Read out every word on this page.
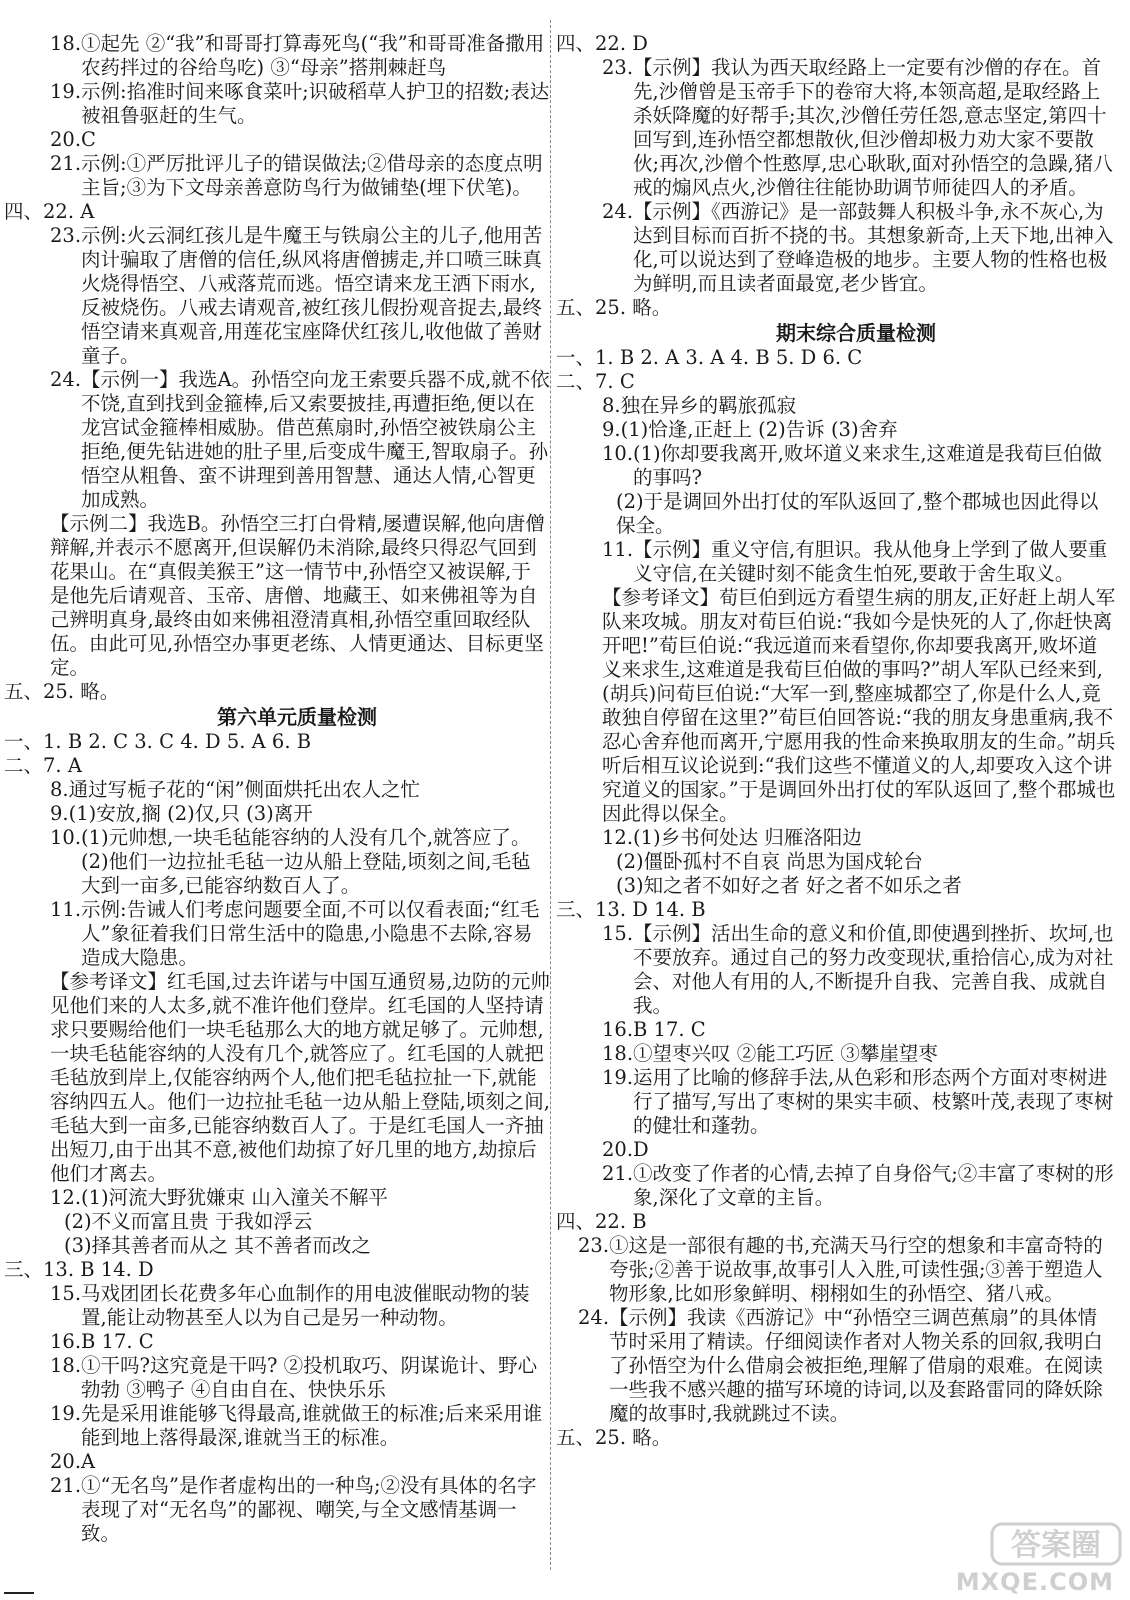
18. ①起先 ②“我”和哥哥打算毒死鸟(“我”和哥哥准备撒用农药拌过的谷给鸟吃) ③“母亲”搭荆棘赶鸟
19. 示例:掐准时间来啄食菜叶;识破稻草人护卫的招数;表达被祖鲁驱赶的生气。
20. C
21. 示例:①严厉批评儿子的错误做法;②借母亲的态度点明主旨;③为下文母亲善意防鸟行为做铺垫(埋下伏笔)。
四、 22. A
23. 示例:火云洞红孩儿是牛魔王与铁扇公主的儿子,他用苦肉计骗取了唐僧的信任,纵风将唐僧掳走,并口喷三昧真火烧得悟空、八戒落荒而逃。悟空请来龙王洒下雨水,反被烧伤。八戒去请观音,被红孩儿假扮观音捉去,最终悟空请来真观音,用莲花宝座降伏红孩儿,收他做了善财童子。
24. 【示例一】我选A。孙悟空向龙王索要兵器不成,就不依不饶,直到找到金箍棒,后又索要披挂,再遭拒绝,便以在龙宫试金箍棒相威胁。借芭蕉扇时,孙悟空被铁扇公主拒绝,便先钻进她的肚子里,后变成牛魔王,智取扇子。孙悟空从粗鲁、蛮不讲理到善用智慧、通达人情,心智更加成熟。
【示例二】我选B。孙悟空三打白骨精,屡遭误解,他向唐僧辩解,并表示不愿离开,但误解仍未消除,最终只得忍气回到花果山。在“真假美猴王”这一情节中,孙悟空又被误解,于是他先后请观音、玉帝、唐僧、地藏王、如来佛祖等为自己辨明真身,最终由如来佛祖澄清真相,孙悟空重回取经队伍。由此可见,孙悟空办事更老练、人情更通达、目标更坚定。
五、 25. 略。
第六单元质量检测
一、 1. B 2. C 3. C 4. D 5. A 6. B
二、 7. A
8. 通过写栀子花的“闲”侧面烘托出农人之忙
9. (1)安放,搁 (2)仅,只 (3)离开
10. (1)元帅想,一块毛毡能容纳的人没有几个,就答应了。(2)他们一边拉扯毛毡一边从船上登陆,顷刻之间,毛毡大到一亩多,已能容纳数百人了。
11. 示例:告诫人们考虑问题要全面,不可以仅看表面;“红毛人”象征着我们日常生活中的隐患,小隐患不去除,容易造成大隐患。
【参考译文】红毛国,过去许诺与中国互通贸易,边防的元帅见他们来的人太多,就不准许他们登岸。红毛国的人坚持请求只要赐给他们一块毛毡那么大的地方就足够了。元帅想,一块毛毡能容纳的人没有几个,就答应了。红毛国的人就把毛毡放到岸上,仅能容纳两个人,他们把毛毡拉扯一下,就能容纳四五人。他们一边拉扯毛毡一边从船上登陆,顷刻之间,毛毡大到一亩多,已能容纳数百人了。于是红毛国人一齐抽出短刀,由于出其不意,被他们劫掠了好几里的地方,劫掠后他们才离去。
12. (1)河流大野犹嫌束 山入潼关不解平
(2)不义而富且贵 于我如浮云
(3)择其善者而从之 其不善者而改之
三、 13. B 14. D
15. 马戏团团长花费多年心血制作的用电波催眠动物的装置,能让动物甚至人以为自己是另一种动物。
16. B 17. C
18. ①干吗?这究竟是干吗? ②投机取巧、阴谋诡计、野心勃勃 ③鸭子 ④自由自在、快快乐乐
19. 先是采用谁能够飞得最高,谁就做王的标准;后来采用谁能到地上落得最深,谁就当王的标准。
20. A
21. ①“无名鸟”是作者虚构出的一种鸟;②没有具体的名字表现了对“无名鸟”的鄙视、嘲笑,与全文感情基调一致。
四、 22. D
23. 【示例】我认为西天取经路上一定要有沙僧的存在。首先,沙僧曾是玉帝手下的卷帘大将,本领高超,是取经路上杀妖降魔的好帮手;其次,沙僧任劳任怨,意志坚定,第四十回写到,连孙悟空都想散伙,但沙僧却极力劝大家不要散伙;再次,沙僧个性憨厚,忠心耿耿,面对孙悟空的急躁,猪八戒的煽风点火,沙僧往往能协助调节师徒四人的矛盾。
24. 【示例】《西游记》是一部鼓舞人积极斗争,永不灰心,为达到目标而百折不挠的书。其想象新奇,上天下地,出神入化,可以说达到了登峰造极的地步。主要人物的性格也极为鲜明,而且读者面最宽,老少皆宜。
五、 25. 略。
期末综合质量检测
一、 1. B 2. A 3. A 4. B 5. D 6. C
二、 7. C
8. 独在异乡的羁旅孤寂
9. (1)恰逢,正赶上 (2)告诉 (3)舍弃
10. (1)你却要我离开,败坏道义来求生,这难道是我荀巨伯做的事吗?
(2)于是调回外出打仗的军队返回了,整个郡城也因此得以保全。
11. 【示例】重义守信,有胆识。我从他身上学到了做人要重义守信,在关键时刻不能贪生怕死,要敢于舍生取义。
【参考译文】荀巨伯到远方看望生病的朋友,正好赶上胡人军队来攻城。朋友对荀巨伯说:“我如今是快死的人了,你赶快离开吧!”荀巨伯说:“我远道而来看望你,你却要我离开,败坏道义来求生,这难道是我荀巨伯做的事吗?”胡人军队已经来到,(胡兵)问荀巨伯说:“大军一到,整座城都空了,你是什么人,竟敢独自停留在这里?”荀巨伯回答说:“我的朋友身患重病,我不忍心舍弃他而离开,宁愿用我的性命来换取朋友的生命。”胡兵听后相互议论说到:“我们这些不懂道义的人,却要攻入这个讲究道义的国家。”于是调回外出打仗的军队返回了,整个郡城也因此得以保全。
12. (1)乡书何处达 归雁洛阳边
(2)僵卧孤村不自哀 尚思为国戍轮台
(3)知之者不如好之者 好之者不如乐之者
三、 13. D 14. B
15. 【示例】活出生命的意义和价值,即使遇到挫折、坎坷,也不要放弃。通过自己的努力改变现状,重拾信心,成为对社会、对他人有用的人,不断提升自我、完善自我、成就自我。
16. B 17. C
18. ①望枣兴叹 ②能工巧匠 ③攀崖望枣
19. 运用了比喻的修辞手法,从色彩和形态两个方面对枣树进行了描写,写出了枣树的果实丰硕、枝繁叶茂,表现了枣树的健壮和蓬勃。
20. D
21. ①改变了作者的心情,去掉了自身俗气;②丰富了枣树的形象,深化了文章的主旨。
四、 22. B
23. ①这是一部很有趣的书,充满天马行空的想象和丰富奇特的夸张;②善于说故事,故事引人入胜,可读性强;③善于塑造人物形象,比如形象鲜明、栩栩如生的孙悟空、猪八戒。
24. 【示例】我读《西游记》中“孙悟空三调芭蕉扇”的具体情节时采用了精读。仔细阅读作者对人物关系的回叙,我明白了孙悟空为什么借扇会被拒绝,理解了借扇的艰难。在阅读一些我不感兴趣的描写环境的诗词,以及套路雷同的降妖除魔的故事时,我就跳过不读。
五、 25. 略。
答案圈
MXQE.COM
